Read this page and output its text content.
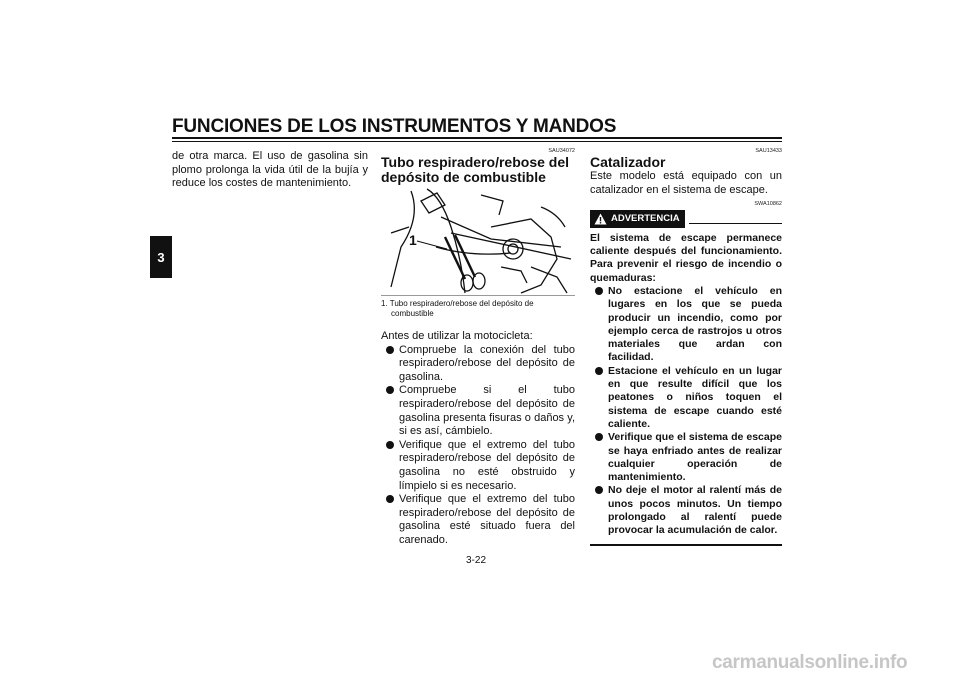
FUNCIONES DE LOS INSTRUMENTOS Y MANDOS
3

de otra marca. El uso de gasolina sin plomo prolonga la vida útil de la bujía y reduce los costes de mantenimiento.

SAU34072
Tubo respiradero/rebose del depósito de combustible
1
1. Tubo respiradero/rebose del depósito de combustible

Antes de utilizar la motocicleta:

Compruebe la conexión del tubo respiradero/rebose del depósito de gasolina.
Compruebe si el tubo respiradero/rebose del depósito de gasolina presenta fisuras o daños y, si es así, cámbielo.
Verifique que el extremo del tubo respiradero/rebose del depósito de gasolina no esté obstruido y límpielo si es necesario.
Verifique que el extremo del tubo respiradero/rebose del depósito de gasolina esté situado fuera del carenado.
SAU13433
Catalizador

Este modelo está equipado con un catalizador en el sistema de escape.

SWA10862
ADVERTENCIA

El sistema de escape permanece caliente después del funcionamiento. Para prevenir el riesgo de incendio o quemaduras:

No estacione el vehículo en lugares en los que se pueda producir un incendio, como por ejemplo cerca de rastrojos u otros materiales que ardan con facilidad.
Estacione el vehículo en un lugar en que resulte difícil que los peatones o niños toquen el sistema de escape cuando esté caliente.
Verifique que el sistema de escape se haya enfriado antes de realizar cualquier operación de mantenimiento.
No deje el motor al ralentí más de unos pocos minutos. Un tiempo prolongado al ralentí puede provocar la acumulación de calor.
3-22
carmanualsonline.info
